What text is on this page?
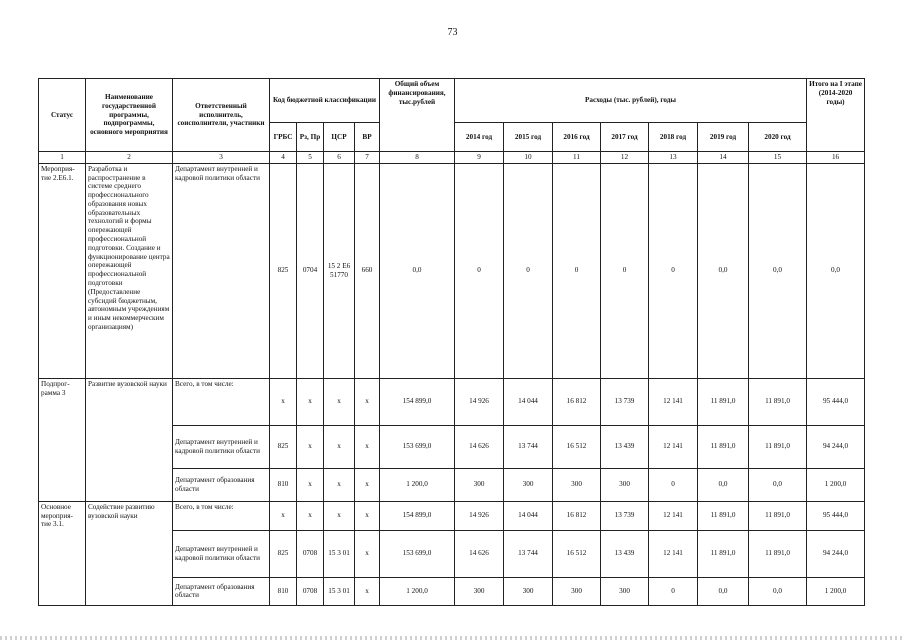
73
Статус	Наименование государственной программы, подпрограммы, основного мероприятия	Ответственный исполнитель, соисполнители, участники	Код бюджетной классификации				Общий объем финансирования, тыс.рублей	Расходы (тыс. рублей), годы							Итого на I этапе (2014-2020 годы)
			ГРБС	Рз, Пр	ЦСР	ВР		2014 год	2015 год	2016 год	2017 год	2018 год	2019 год	2020 год	
1	2	3	4	5	6	7	8	9	10	11	12	13	14	15	16
Мероприя-тие 2.Е6.1.	Разработка и распространение в системе среднего профессионального образования новых образовательных технологий и формы опережающей профессиональной подготовки. Создание и функционирование центра опережающей профессиональной подготовки (Предоставление субсидий бюджетным, автономным учреждениям и иным некоммерческим организациям)	Департамент внутренней и кадровой политики области	825	0704	15 2 Е6 51770	660	0,0	0	0	0	0	0	0,0	0,0	0,0
Подпрог-рамма 3	Развитие вузовской науки	Всего, в том числе:	x	x	x	x	154 899,0	14 926	14 044	16 812	13 739	12 141	11 891,0	11 891,0	95 444,0
		Департамент внутренней и кадровой политики области	825	x	x	x	153 699,0	14 626	13 744	16 512	13 439	12 141	11 891,0	11 891,0	94 244,0
		Департамент образования области	810	x	x	x	1 200,0	300	300	300	300	0	0,0	0,0	1 200,0
Основное мероприя-тие 3.1.	Содействие развитию вузовской науки	Всего, в том числе:	x	x	x	x	154 899,0	14 926	14 044	16 812	13 739	12 141	11 891,0	11 891,0	95 444,0
		Департамент внутренней и кадровой политики области	825	0708	15 3 01	x	153 699,0	14 626	13 744	16 512	13 439	12 141	11 891,0	11 891,0	94 244,0
		Департамент образования области	810	0708	15 3 01	x	1 200,0	300	300	300	300	0	0,0	0,0	1 200,0
